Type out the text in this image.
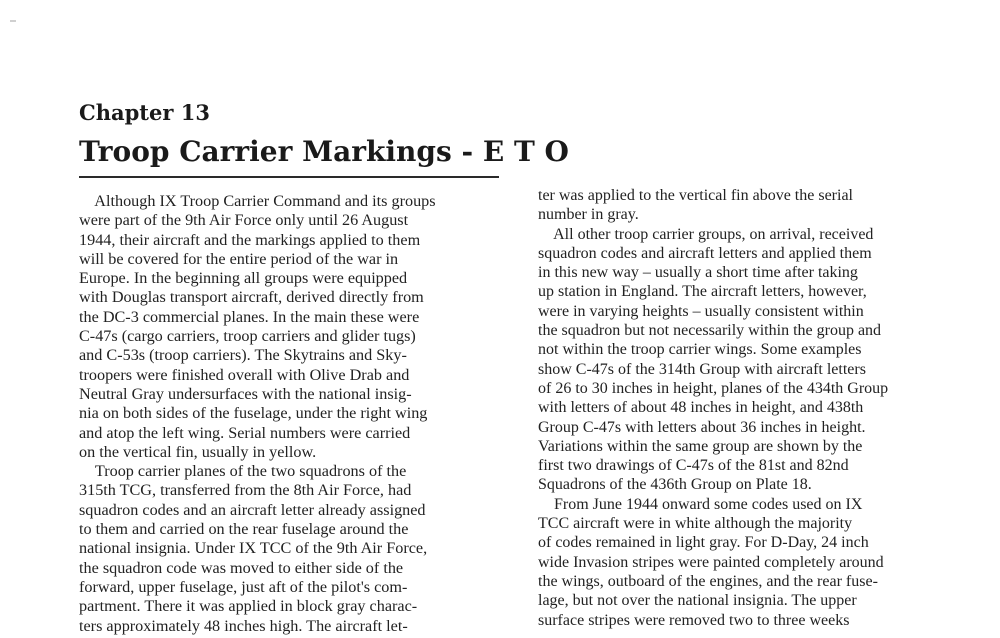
Chapter 13
Troop Carrier Markings - E T O
Although IX Troop Carrier Command and its groups
were part of the 9th Air Force only until 26 August
1944, their aircraft and the markings applied to them
will be covered for the entire period of the war in
Europe. In the beginning all groups were equipped
with Douglas transport aircraft, derived directly from
the DC-3 commercial planes. In the main these were
C-47s (cargo carriers, troop carriers and glider tugs)
and C-53s (troop carriers). The Skytrains and Sky-
troopers were finished overall with Olive Drab and
Neutral Gray undersurfaces with the national insig-
nia on both sides of the fuselage, under the right wing
and atop the left wing. Serial numbers were carried
on the vertical fin, usually in yellow.
Troop carrier planes of the two squadrons of the
315th TCG, transferred from the 8th Air Force, had
squadron codes and an aircraft letter already assigned
to them and carried on the rear fuselage around the
national insignia. Under IX TCC of the 9th Air Force,
the squadron code was moved to either side of the
forward, upper fuselage, just aft of the pilot's com-
partment. There it was applied in block gray charac-
ters approximately 48 inches high. The aircraft let-
ter was applied to the vertical fin above the serial
number in gray.
All other troop carrier groups, on arrival, received
squadron codes and aircraft letters and applied them
in this new way – usually a short time after taking
up station in England. The aircraft letters, however,
were in varying heights – usually consistent within
the squadron but not necessarily within the group and
not within the troop carrier wings. Some examples
show C-47s of the 314th Group with aircraft letters
of 26 to 30 inches in height, planes of the 434th Group
with letters of about 48 inches in height, and 438th
Group C-47s with letters about 36 inches in height.
Variations within the same group are shown by the
first two drawings of C-47s of the 81st and 82nd
Squadrons of the 436th Group on Plate 18.
From June 1944 onward some codes used on IX
TCC aircraft were in white although the majority
of codes remained in light gray. For D-Day, 24 inch
wide Invasion stripes were painted completely around
the wings, outboard of the engines, and the rear fuse-
lage, but not over the national insignia. The upper
surface stripes were removed two to three weeks
